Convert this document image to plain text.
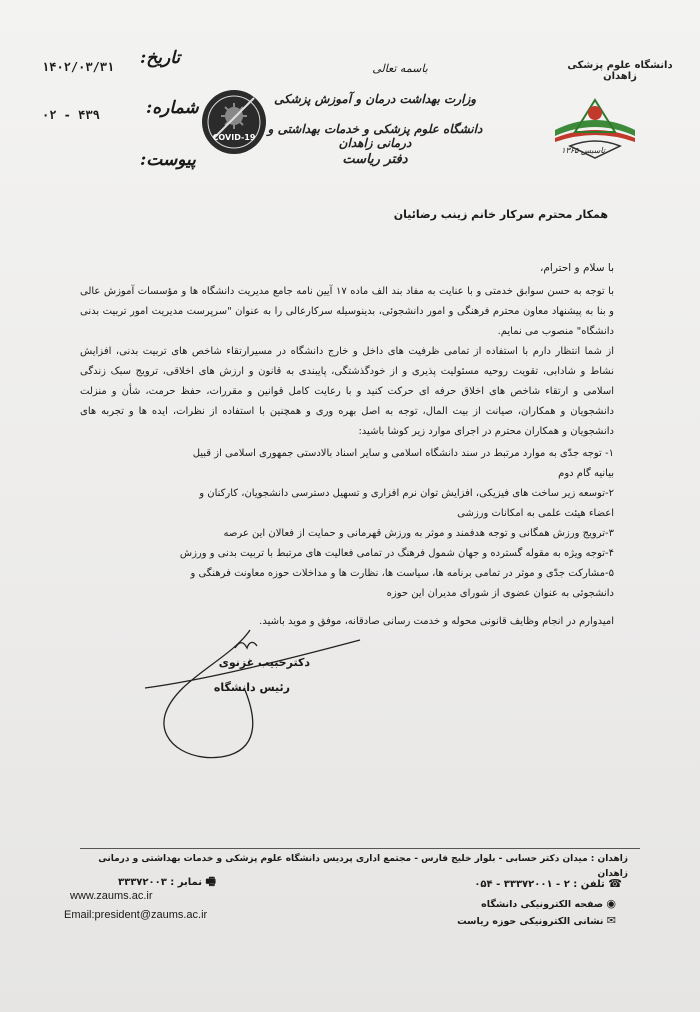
دانشگاه علوم پزشکی زاهدان
تاسیس ۱۳۶۵
باسمه تعالی
وزارت بهداشت درمان و آموزش پزشکی
دانشگاه علوم پزشکی و خدمات بهداشتی و درمانی زاهدان
دفتر ریاست
COVID-19
تاریخ:
۱۴۰۲/۰۳/۳۱
شماره:
۰۲ - ۴۳۹
پیوست:
همکار محترم سرکار خانم زینب رضائیان
با سلام و احترام،
با توجه به حسن سوابق خدمتی و با عنایت به مفاد بند الف ماده ۱۷ آیین نامه جامع مدیریت دانشگاه ها و مؤسسات آموزش عالی و بنا به پیشنهاد معاون محترم فرهنگی و امور دانشجوئی، بدینوسیله سرکارعالی را به عنوان "سرپرست مدیریت امور تربیت بدنی دانشگاه" منصوب می نمایم.
از شما انتظار دارم با استفاده از تمامی ظرفیت های داخل و خارج دانشگاه در مسیرارتقاء شاخص های تربیت بدنی، افزایش نشاط و شادابی، تقویت روحیه مسئولیت پذیری و از خودگذشتگی، پایبندی به قانون و ارزش های اخلاقی، ترویج سبک زندگی اسلامی و ارتقاء شاخص های اخلاق حرفه ای حرکت کنید و با رعایت کامل قوانین و مقررات، حفظ حرمت، شأن و منزلت دانشجویان و همکاران، صیانت از بیت المال، توجه به اصل بهره وری و همچنین با استفاده از نظرات، ایده ها و تجربه های دانشجویان و همکاران محترم در اجرای موارد زیر کوشا باشید:
۱- توجه جدّی به موارد مرتبط در سند دانشگاه اسلامی و سایر اسناد بالادستی جمهوری اسلامی از قبیل
بیانیه گام دوم
۲-توسعه زیر ساخت های فیزیکی، افزایش توان نرم افزاری و تسهیل دسترسی دانشجویان، کارکنان و
اعضاء هیئت علمی به امکانات ورزشی
۳-ترویج ورزش همگانی و توجه هدفمند و موثر به ورزش قهرمانی و حمایت از فعالان این عرصه
۴-توجه ویژه به مقوله گسترده و جهان شمول فرهنگ در تمامی فعالیت های مرتبط با تربیت بدنی و ورزش
۵-مشارکت جدّی و موثر در تمامی برنامه ها، سیاست ها، نظارت ها و مداخلات حوزه معاونت فرهنگی و
دانشجوئی به عنوان عضوی از شورای مدیران این حوزه
امیدوارم در انجام وظایف قانونی محوله و خدمت رسانی صادقانه، موفق و موید باشید.
دکترحبیب غزنوی
رئیس دانشگاه
زاهدان : میدان دکتر حسابی - بلوار خلیج فارس - مجتمع اداری پردیس دانشگاه علوم پزشکی و خدمات بهداشتی و درمانی زاهدان
☎ تلفن : ۲ - ۳۳۳۷۲۰۰۱ - ۰۵۴
🖷 نمابر : ۳۳۳۷۲۰۰۳
www.zaums.ac.ir
Email:president@zaums.ac.ir
◉ صفحه الکترونیکی دانشگاه
✉ نشانی الکترونیکی حوزه ریاست
